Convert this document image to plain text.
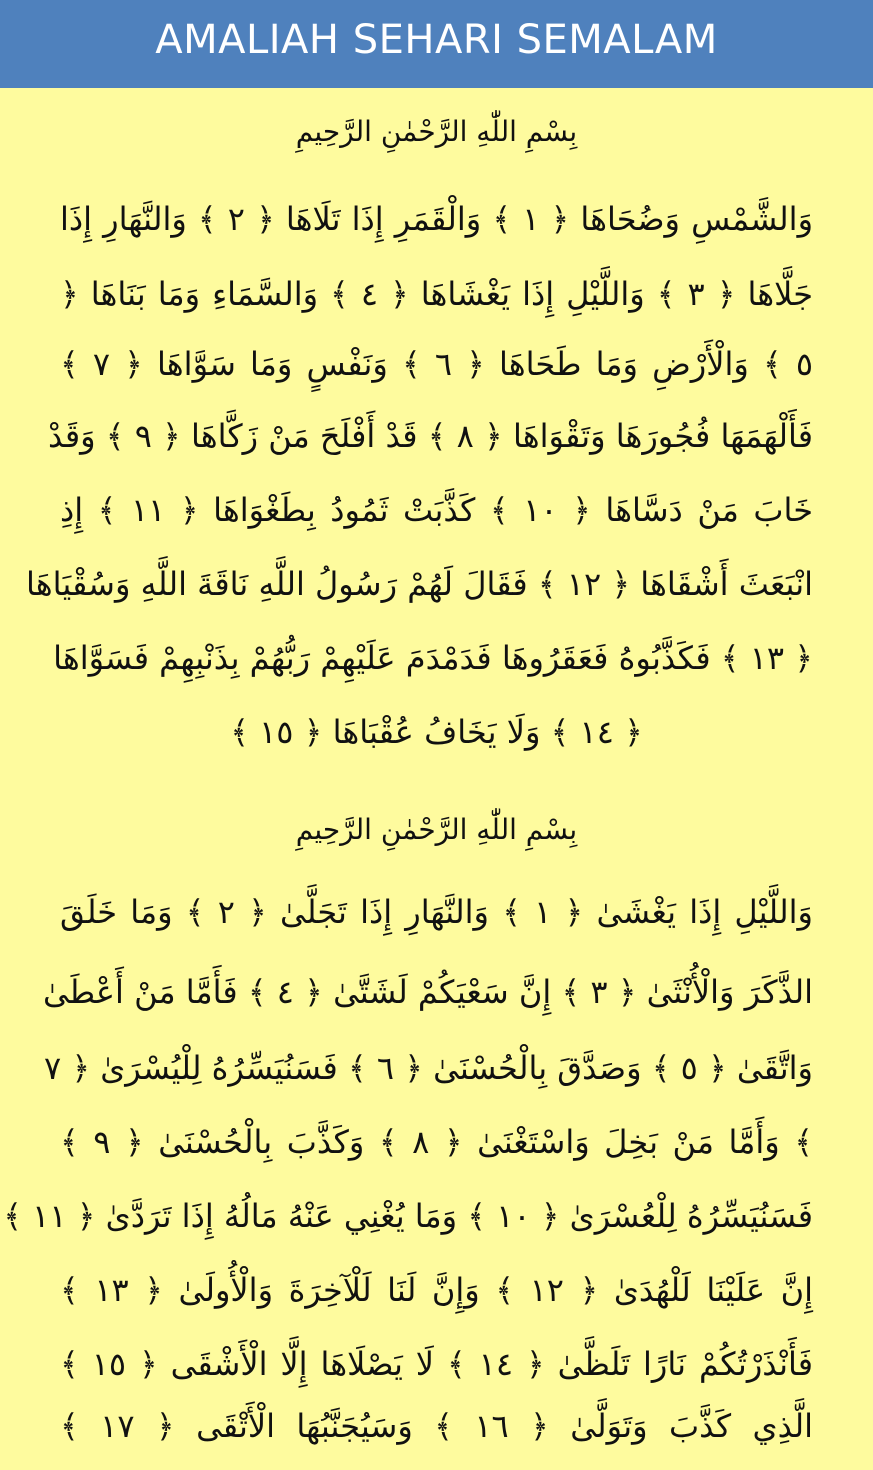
AMALIAH SEHARI SEMALAM
بِسْمِ اللّٰهِ الرَّحْمٰنِ الرَّحِيمِ
وَالشَّمْسِ وَضُحَاهَا ﴿ ١ ﴾ وَالْقَمَرِ إِذَا تَلَاهَا ﴿ ٢ ﴾ وَالنَّهَارِ إِذَا
جَلَّاهَا ﴿ ٣ ﴾ وَاللَّيْلِ إِذَا يَغْشَاهَا ﴿ ٤ ﴾ وَالسَّمَاءِ وَمَا بَنَاهَا ﴿
٥ ﴾ وَالْأَرْضِ وَمَا طَحَاهَا ﴿ ٦ ﴾ وَنَفْسٍ وَمَا سَوَّاهَا ﴿ ٧ ﴾
فَأَلْهَمَهَا فُجُورَهَا وَتَقْوَاهَا ﴿ ٨ ﴾ قَدْ أَفْلَحَ مَنْ زَكَّاهَا ﴿ ٩ ﴾ وَقَدْ
خَابَ مَنْ دَسَّاهَا ﴿ ١٠ ﴾ كَذَّبَتْ ثَمُودُ بِطَغْوَاهَا ﴿ ١١ ﴾ إِذِ
انْبَعَثَ أَشْقَاهَا ﴿ ١٢ ﴾ فَقَالَ لَهُمْ رَسُولُ اللَّهِ نَاقَةَ اللَّهِ وَسُقْيَاهَا
﴿ ١٣ ﴾ فَكَذَّبُوهُ فَعَقَرُوهَا فَدَمْدَمَ عَلَيْهِمْ رَبُّهُمْ بِذَنْبِهِمْ فَسَوَّاهَا
﴿ ١٤ ﴾ وَلَا يَخَافُ عُقْبَاهَا ﴿ ١٥ ﴾
بِسْمِ اللّٰهِ الرَّحْمٰنِ الرَّحِيمِ
وَاللَّيْلِ إِذَا يَغْشَىٰ ﴿ ١ ﴾ وَالنَّهَارِ إِذَا تَجَلَّىٰ ﴿ ٢ ﴾ وَمَا خَلَقَ
الذَّكَرَ وَالْأُنْثَىٰ ﴿ ٣ ﴾ إِنَّ سَعْيَكُمْ لَشَتَّىٰ ﴿ ٤ ﴾ فَأَمَّا مَنْ أَعْطَىٰ
وَاتَّقَىٰ ﴿ ٥ ﴾ وَصَدَّقَ بِالْحُسْنَىٰ ﴿ ٦ ﴾ فَسَنُيَسِّرُهُ لِلْيُسْرَىٰ ﴿ ٧
﴾ وَأَمَّا مَنْ بَخِلَ وَاسْتَغْنَىٰ ﴿ ٨ ﴾ وَكَذَّبَ بِالْحُسْنَىٰ ﴿ ٩ ﴾
فَسَنُيَسِّرُهُ لِلْعُسْرَىٰ ﴿ ١٠ ﴾ وَمَا يُغْنِي عَنْهُ مَالُهُ إِذَا تَرَدَّىٰ ﴿ ١١ ﴾
إِنَّ عَلَيْنَا لَلْهُدَىٰ ﴿ ١٢ ﴾ وَإِنَّ لَنَا لَلْآخِرَةَ وَالْأُولَىٰ ﴿ ١٣ ﴾
فَأَنْذَرْتُكُمْ نَارًا تَلَظَّىٰ ﴿ ١٤ ﴾ لَا يَصْلَاهَا إِلَّا الْأَشْقَى ﴿ ١٥ ﴾
الَّذِي كَذَّبَ وَتَوَلَّىٰ ﴿ ١٦ ﴾ وَسَيُجَنَّبُهَا الْأَتْقَى ﴿ ١٧ ﴾
